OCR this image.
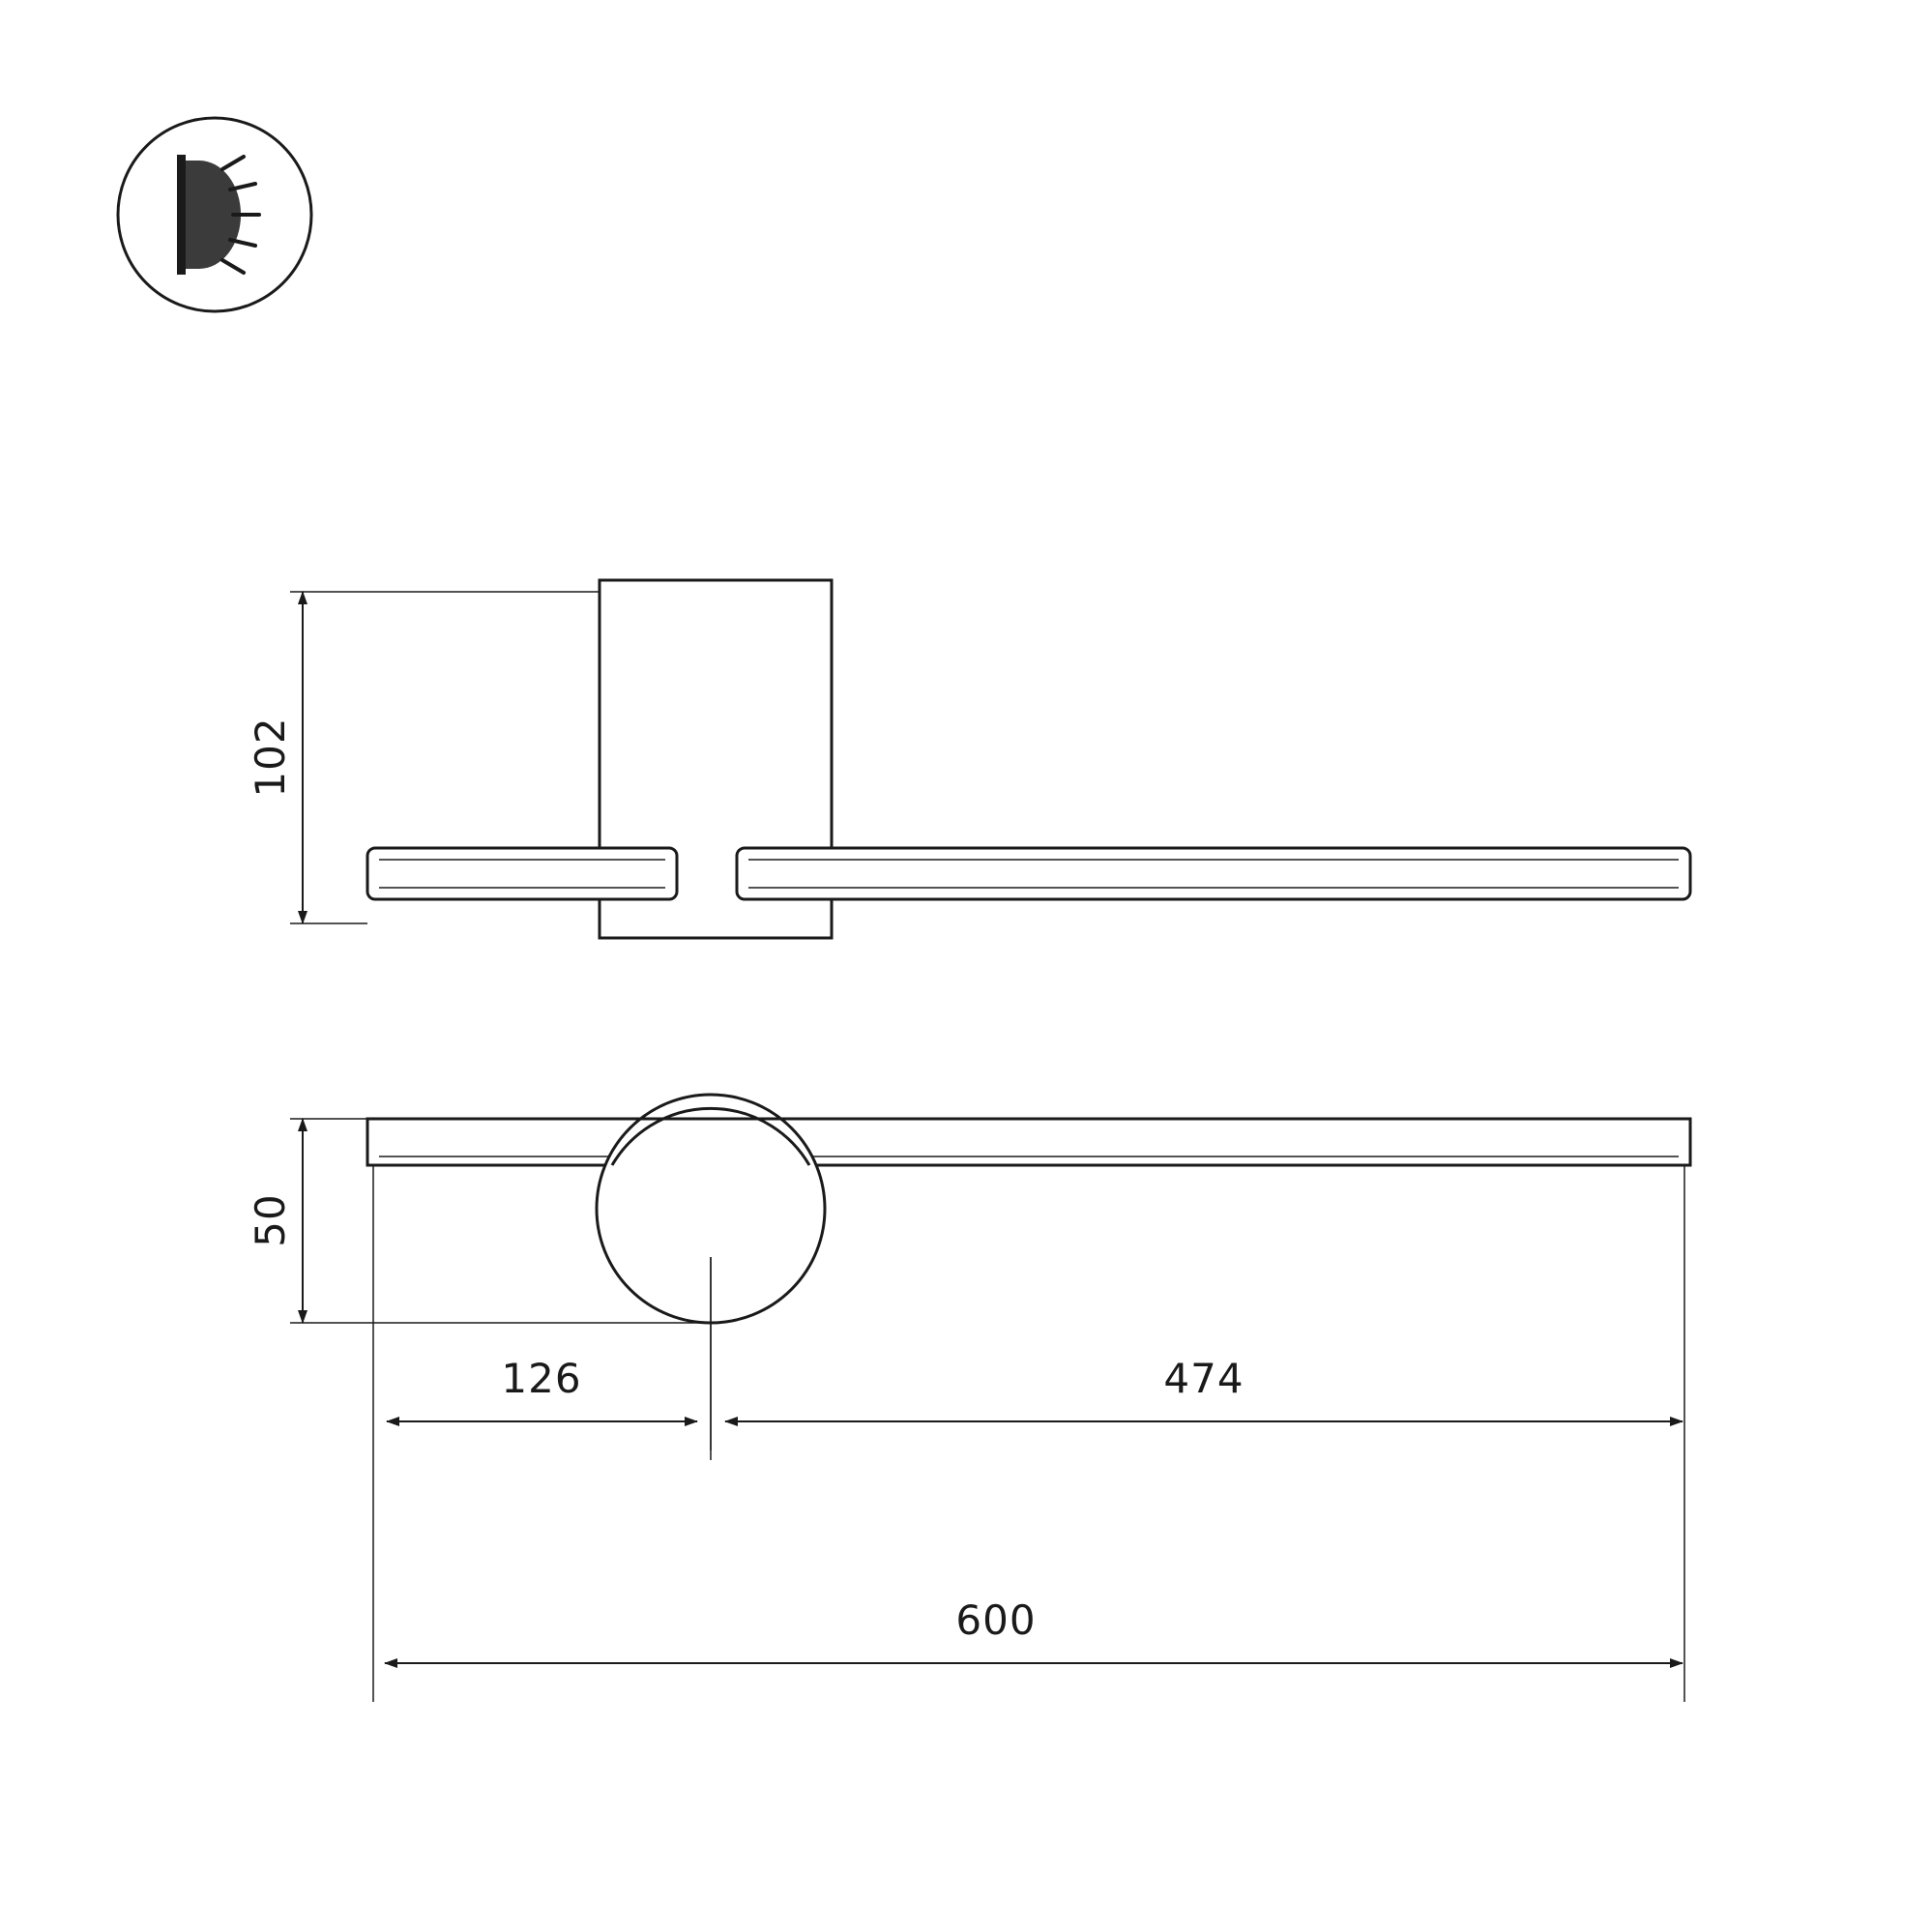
102
50
126	474
600
